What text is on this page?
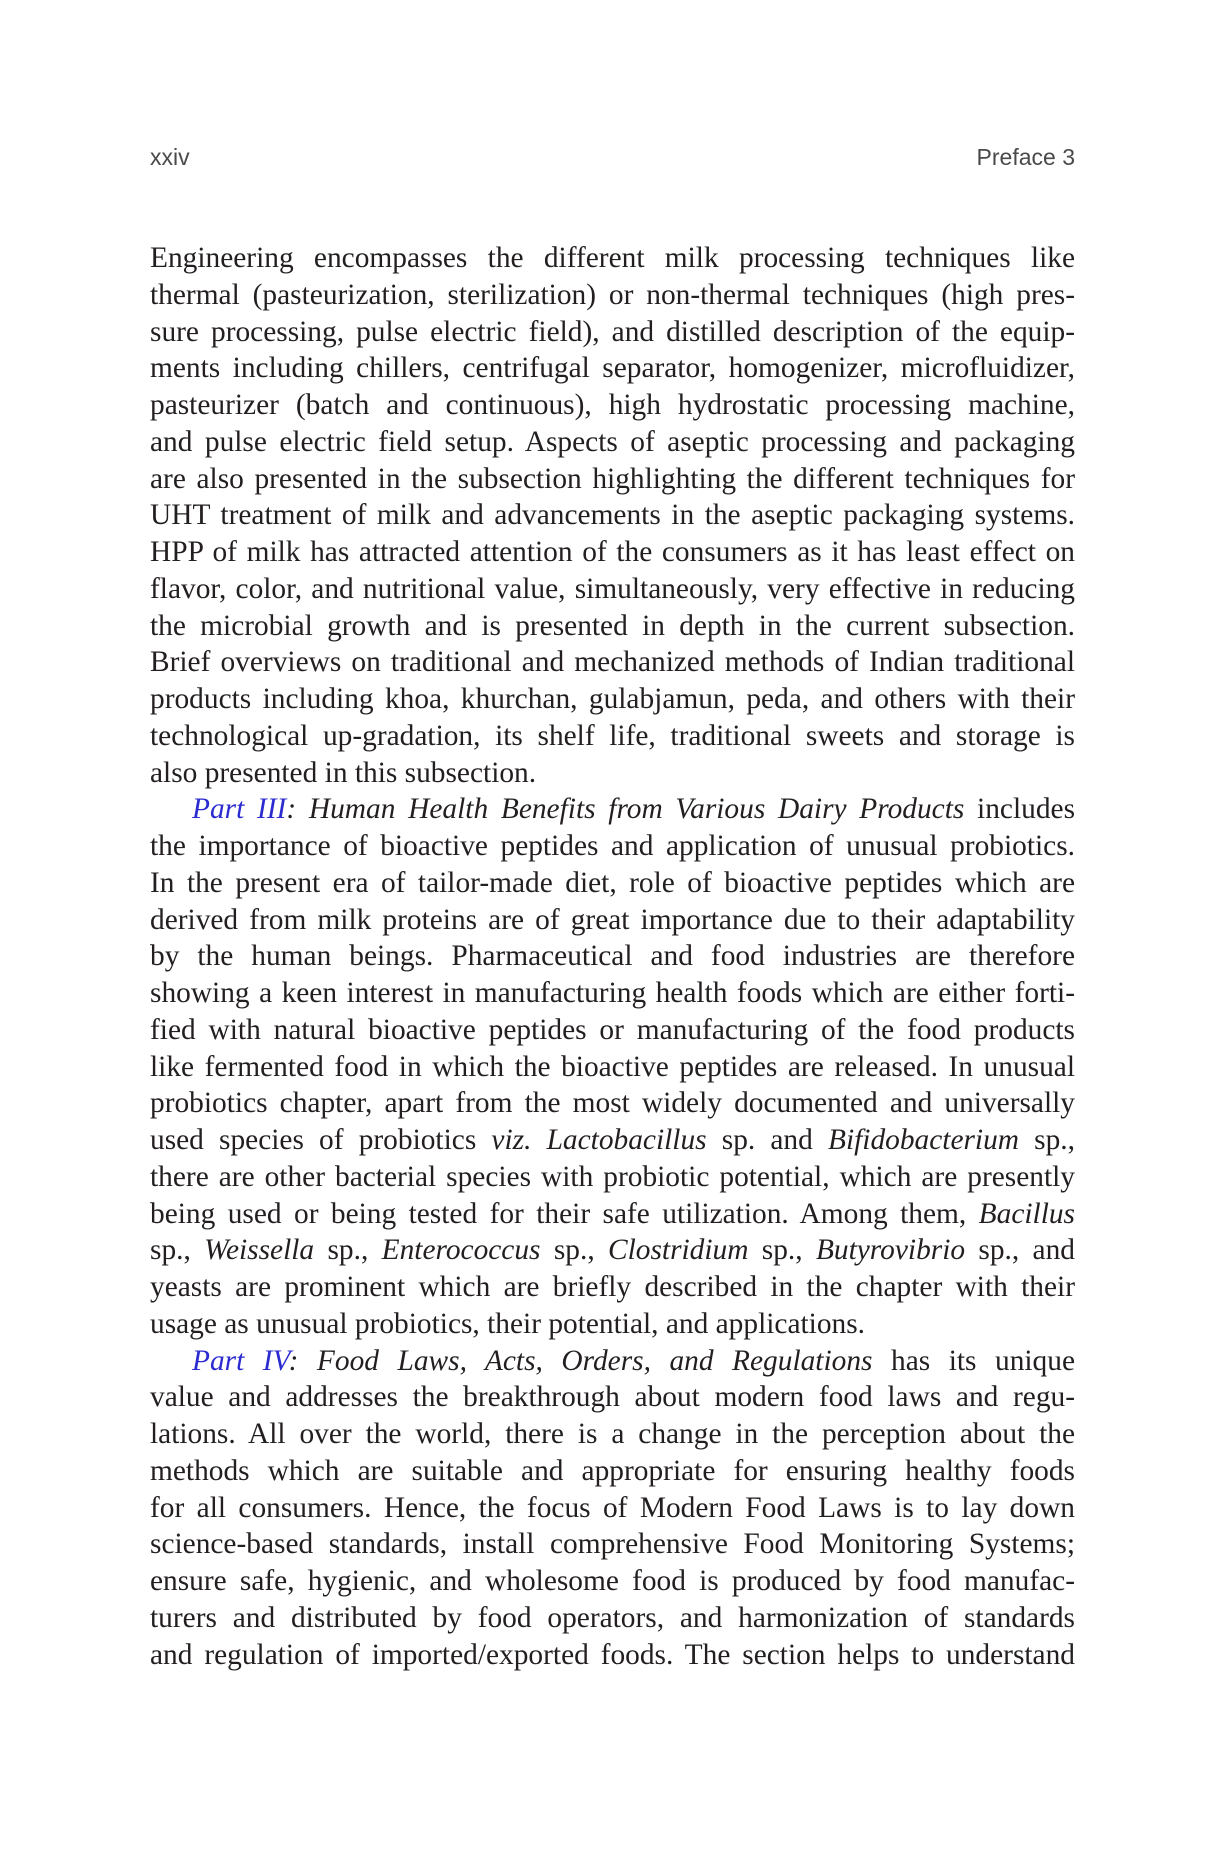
xxiv	Preface 3
Engineering encompasses the different milk processing techniques like
thermal (pasteurization, sterilization) or non-thermal techniques (high pres-
sure processing, pulse electric field), and distilled description of the equip-
ments including chillers, centrifugal separator, homogenizer, microfluidizer,
pasteurizer (batch and continuous), high hydrostatic processing machine,
and pulse electric field setup. Aspects of aseptic processing and packaging
are also presented in the subsection highlighting the different techniques for
UHT treatment of milk and advancements in the aseptic packaging systems.
HPP of milk has attracted attention of the consumers as it has least effect on
flavor, color, and nutritional value, simultaneously, very effective in reducing
the microbial growth and is presented in depth in the current subsection.
Brief overviews on traditional and mechanized methods of Indian traditional
products including khoa, khurchan, gulabjamun, peda, and others with their
technological up-gradation, its shelf life, traditional sweets and storage is
also presented in this subsection.
Part III: Human Health Benefits from Various Dairy Products includes
the importance of bioactive peptides and application of unusual probiotics.
In the present era of tailor-made diet, role of bioactive peptides which are
derived from milk proteins are of great importance due to their adaptability
by the human beings. Pharmaceutical and food industries are therefore
showing a keen interest in manufacturing health foods which are either forti-
fied with natural bioactive peptides or manufacturing of the food products
like fermented food in which the bioactive peptides are released. In unusual
probiotics chapter, apart from the most widely documented and universally
used species of probiotics viz. Lactobacillus sp. and Bifidobacterium sp.,
there are other bacterial species with probiotic potential, which are presently
being used or being tested for their safe utilization. Among them, Bacillus
sp., Weissella sp., Enterococcus sp., Clostridium sp., Butyrovibrio sp., and
yeasts are prominent which are briefly described in the chapter with their
usage as unusual probiotics, their potential, and applications.
Part IV: Food Laws, Acts, Orders, and Regulations has its unique
value and addresses the breakthrough about modern food laws and regu-
lations. All over the world, there is a change in the perception about the
methods which are suitable and appropriate for ensuring healthy foods
for all consumers. Hence, the focus of Modern Food Laws is to lay down
science-based standards, install comprehensive Food Monitoring Systems;
ensure safe, hygienic, and wholesome food is produced by food manufac-
turers and distributed by food operators, and harmonization of standards
and regulation of imported/exported foods. The section helps to understand
